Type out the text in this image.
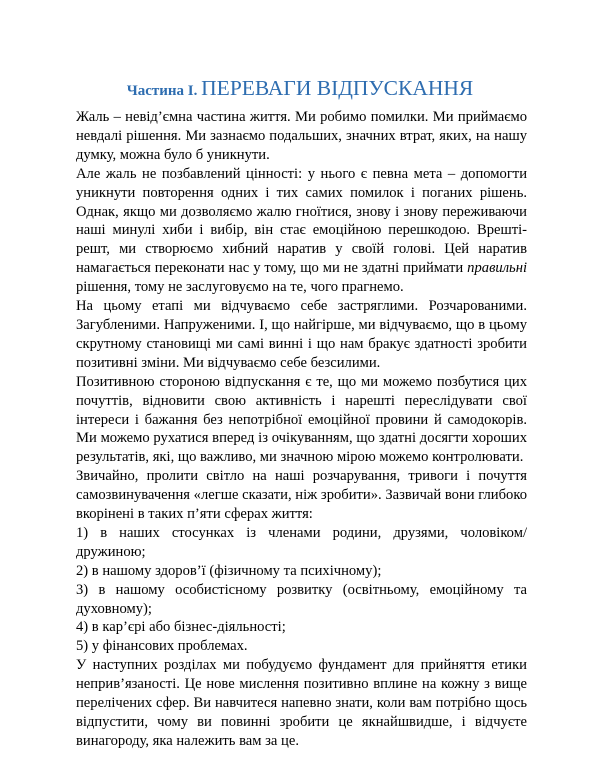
Частина I. ПЕРЕВАГИ ВІДПУСКАННЯ

Жаль – невід’ємна частина життя. Ми робимо помилки. Ми приймаємо невдалі рішення. Ми зазнаємо подальших, значних втрат, яких, на нашу думку, можна було б уникнути.

Але жаль не позбавлений цінності: у нього є певна мета – допомогти уникнути повторення одних і тих самих помилок і поганих рішень. Однак, якщо ми дозволяємо жалю гноїтися, знову і знову переживаючи наші минулі хиби і вибір, він стає емоційною перешкодою. Врешті-решт, ми створюємо хибний наратив у своїй голові. Цей наратив намагається переконати нас у тому, що ми не здатні приймати правильні рішення, тому не заслуговуємо на те, чого прагнемо.

На цьому етапі ми відчуваємо себе застряглими. Розчарованими. Загубленими. Напруженими. І, що найгірше, ми відчуваємо, що в цьому скрутному становищі ми самі винні і що нам бракує здатності зробити позитивні зміни. Ми відчуваємо себе безсилими.

Позитивною стороною відпускання є те, що ми можемо позбутися цих почуттів, відновити свою активність і нарешті переслідувати свої інтереси і бажання без непотрібної емоційної провини й самодокорів. Ми можемо рухатися вперед із очікуванням, що здатні досягти хороших результатів, які, що важливо, ми значною мірою можемо контролювати.

Звичайно, пролити світло на наші розчарування, тривоги і почуття самозвинувачення «легше сказати, ніж зробити». Зазвичай вони глибоко вкорінені в таких п’яти сферах життя:

1) в наших стосунках із членами родини, друзями, чоловіком/ дружиною;

2) в нашому здоров’ї (фізичному та психічному);

3) в нашому особистісному розвитку (освітньому, емоційному та духовному);

4) в кар’єрі або бізнес-діяльності;

5) у фінансових проблемах.

У наступних розділах ми побудуємо фундамент для прийняття етики неприв’язаності. Це нове мислення позитивно вплине на кожну з вище перелічених сфер. Ви навчитеся напевно знати, коли вам потрібно щось відпустити, чому ви повинні зробити це якнайшвидше, і відчуєте винагороду, яка належить вам за це.
